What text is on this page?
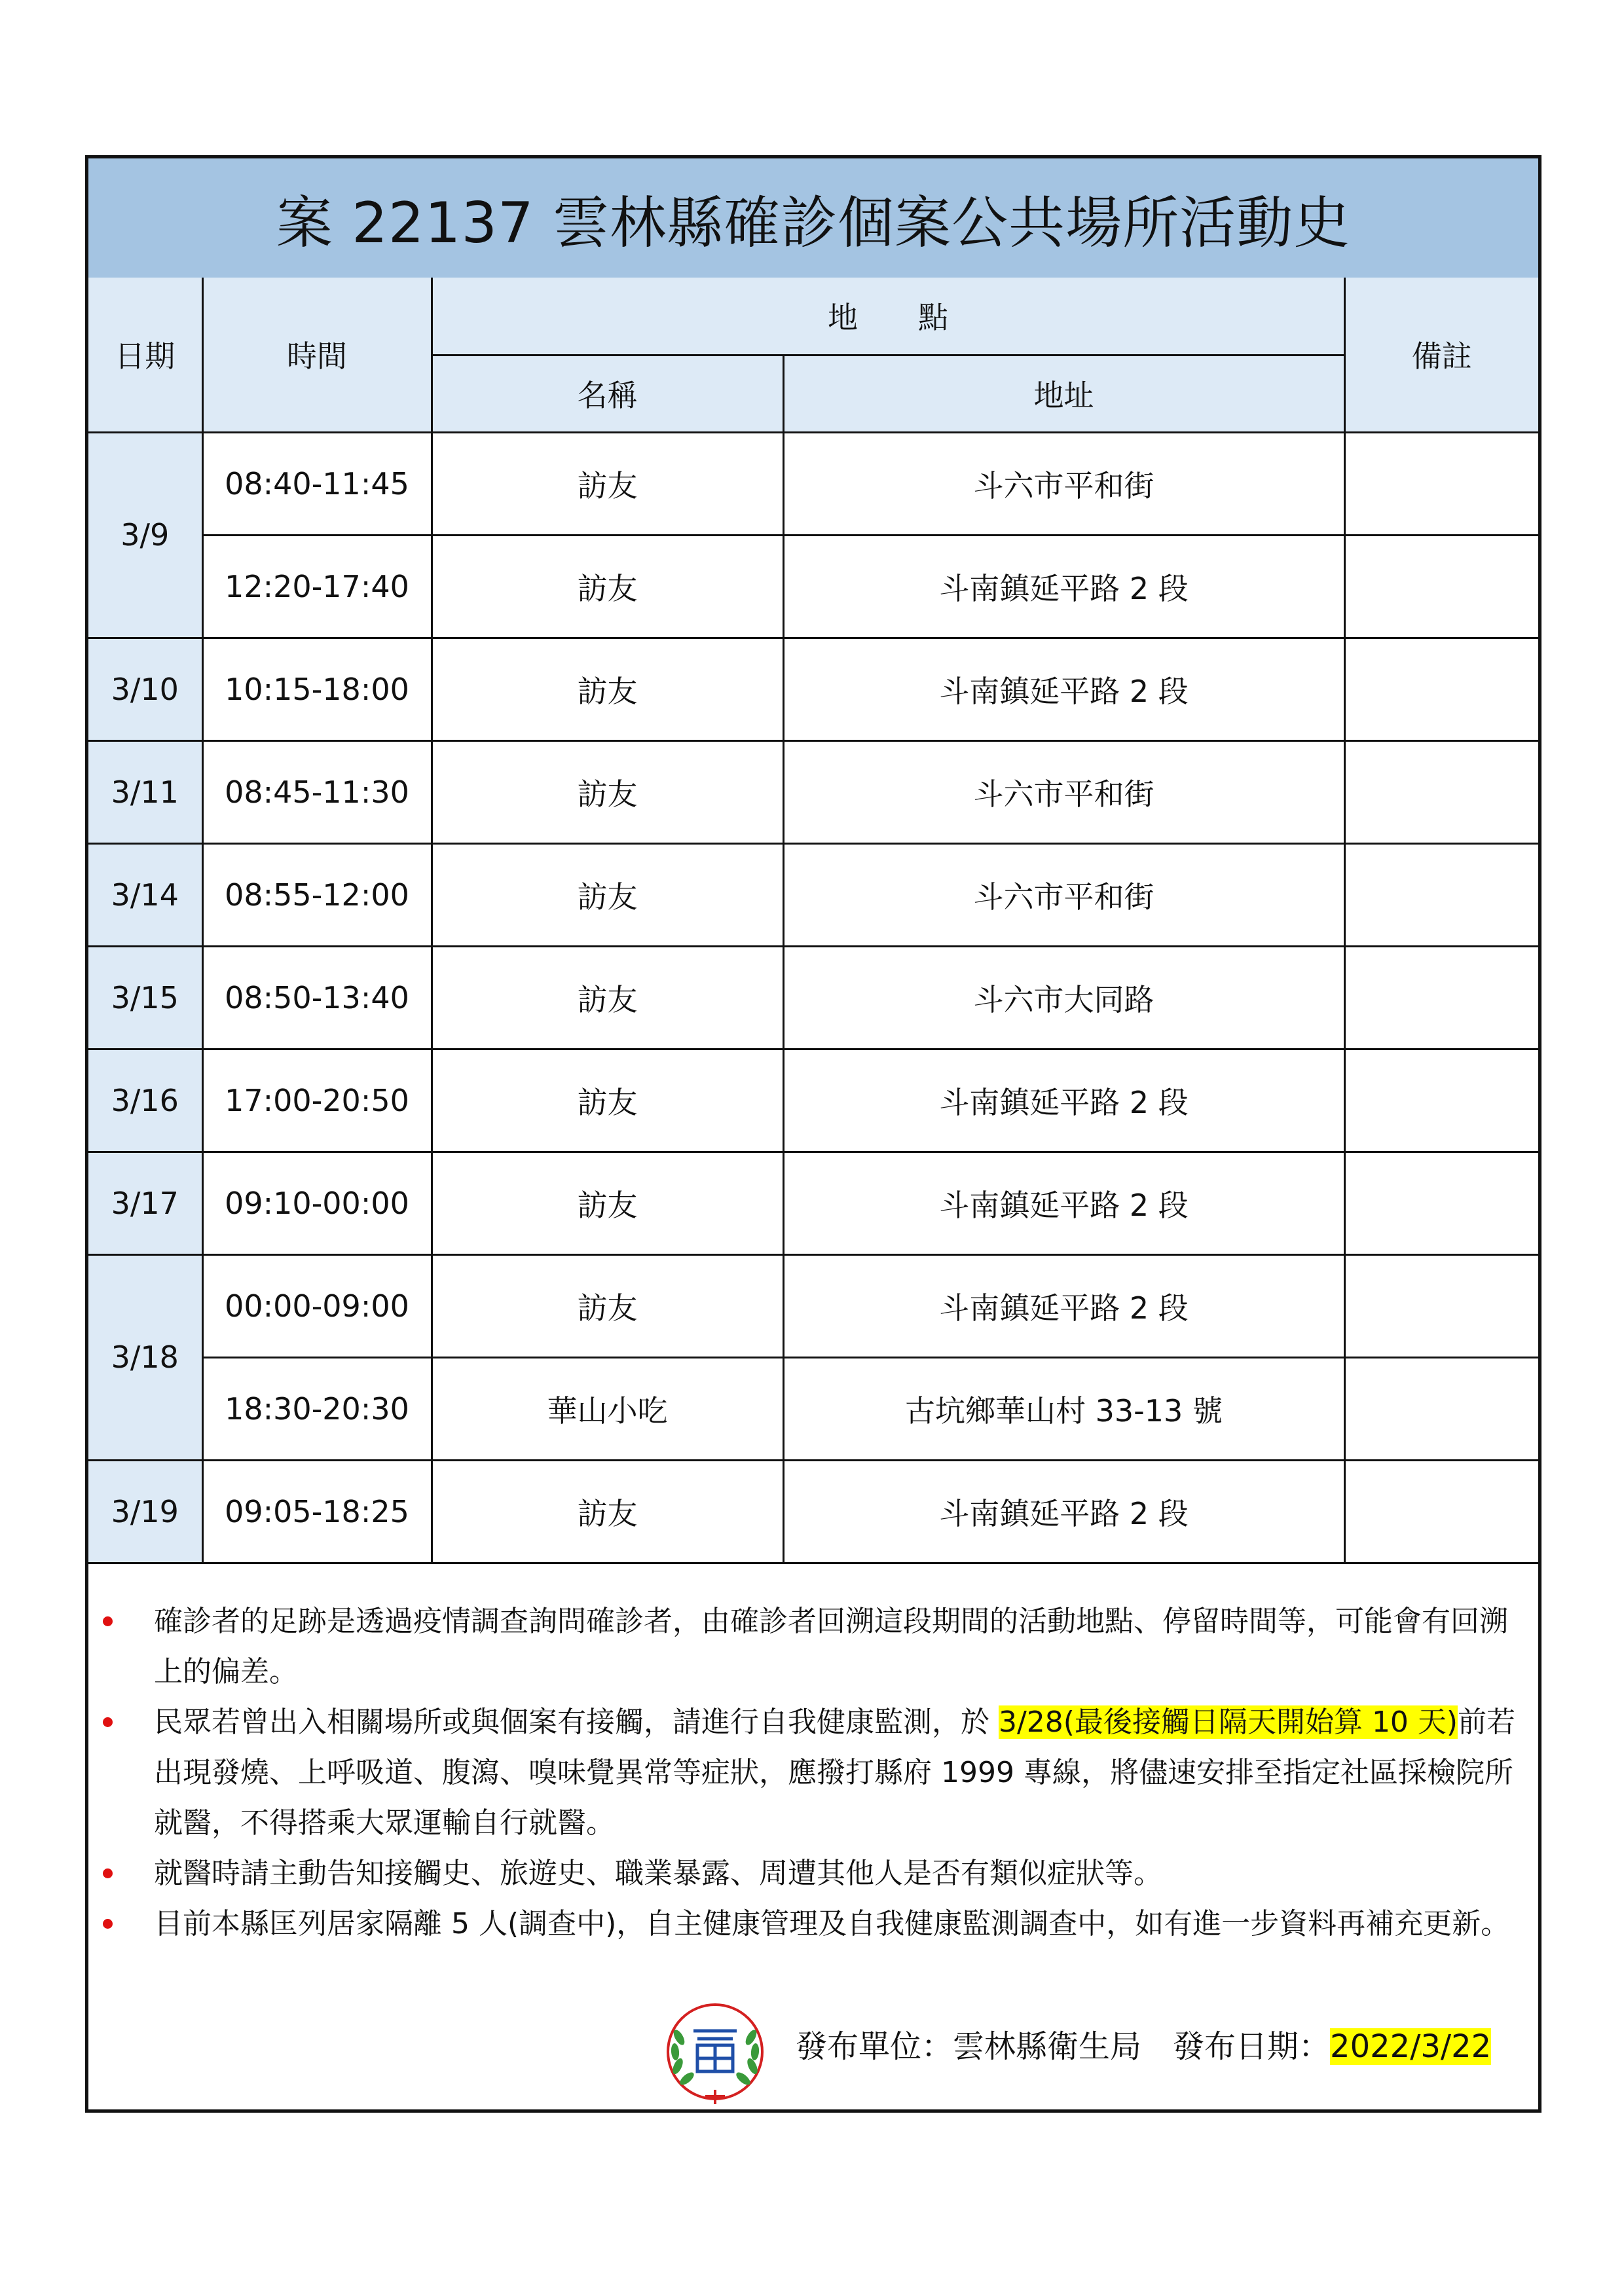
案 22137 雲林縣確診個案公共場所活動史
日期	時間	地　　點		備註
		名稱	地址	
3/9	08:40-11:45	訪友	斗六市平和街	
	12:20-17:40	訪友	斗南鎮延平路 2 段	
3/10	10:15-18:00	訪友	斗南鎮延平路 2 段	
3/11	08:45-11:30	訪友	斗六市平和街	
3/14	08:55-12:00	訪友	斗六市平和街	
3/15	08:50-13:40	訪友	斗六市大同路	
3/16	17:00-20:50	訪友	斗南鎮延平路 2 段	
3/17	09:10-00:00	訪友	斗南鎮延平路 2 段	
3/18	00:00-09:00	訪友	斗南鎮延平路 2 段	
	18:30-20:30	華山小吃	古坑鄉華山村 33-13 號	
3/19	09:05-18:25	訪友	斗南鎮延平路 2 段	
確診者的足跡是透過疫情調查詢問確診者，由確診者回溯這段期間的活動地點、停留時間等，可能會有回溯上的偏差。
民眾若曾出入相關場所或與個案有接觸，請進行自我健康監測，於 3/28(最後接觸日隔天開始算 10 天)前若出現發燒、上呼吸道、腹瀉、嗅味覺異常等症狀，應撥打縣府 1999 專線，將儘速安排至指定社區採檢院所就醫，不得搭乘大眾運輸自行就醫。
就醫時請主動告知接觸史、旅遊史、職業暴露、周遭其他人是否有類似症狀等。
目前本縣匡列居家隔離 5 人(調查中)，自主健康管理及自我健康監測調查中，如有進一步資料再補充更新。
發布單位：雲林縣衛生局　 發布日期：2022/3/22
